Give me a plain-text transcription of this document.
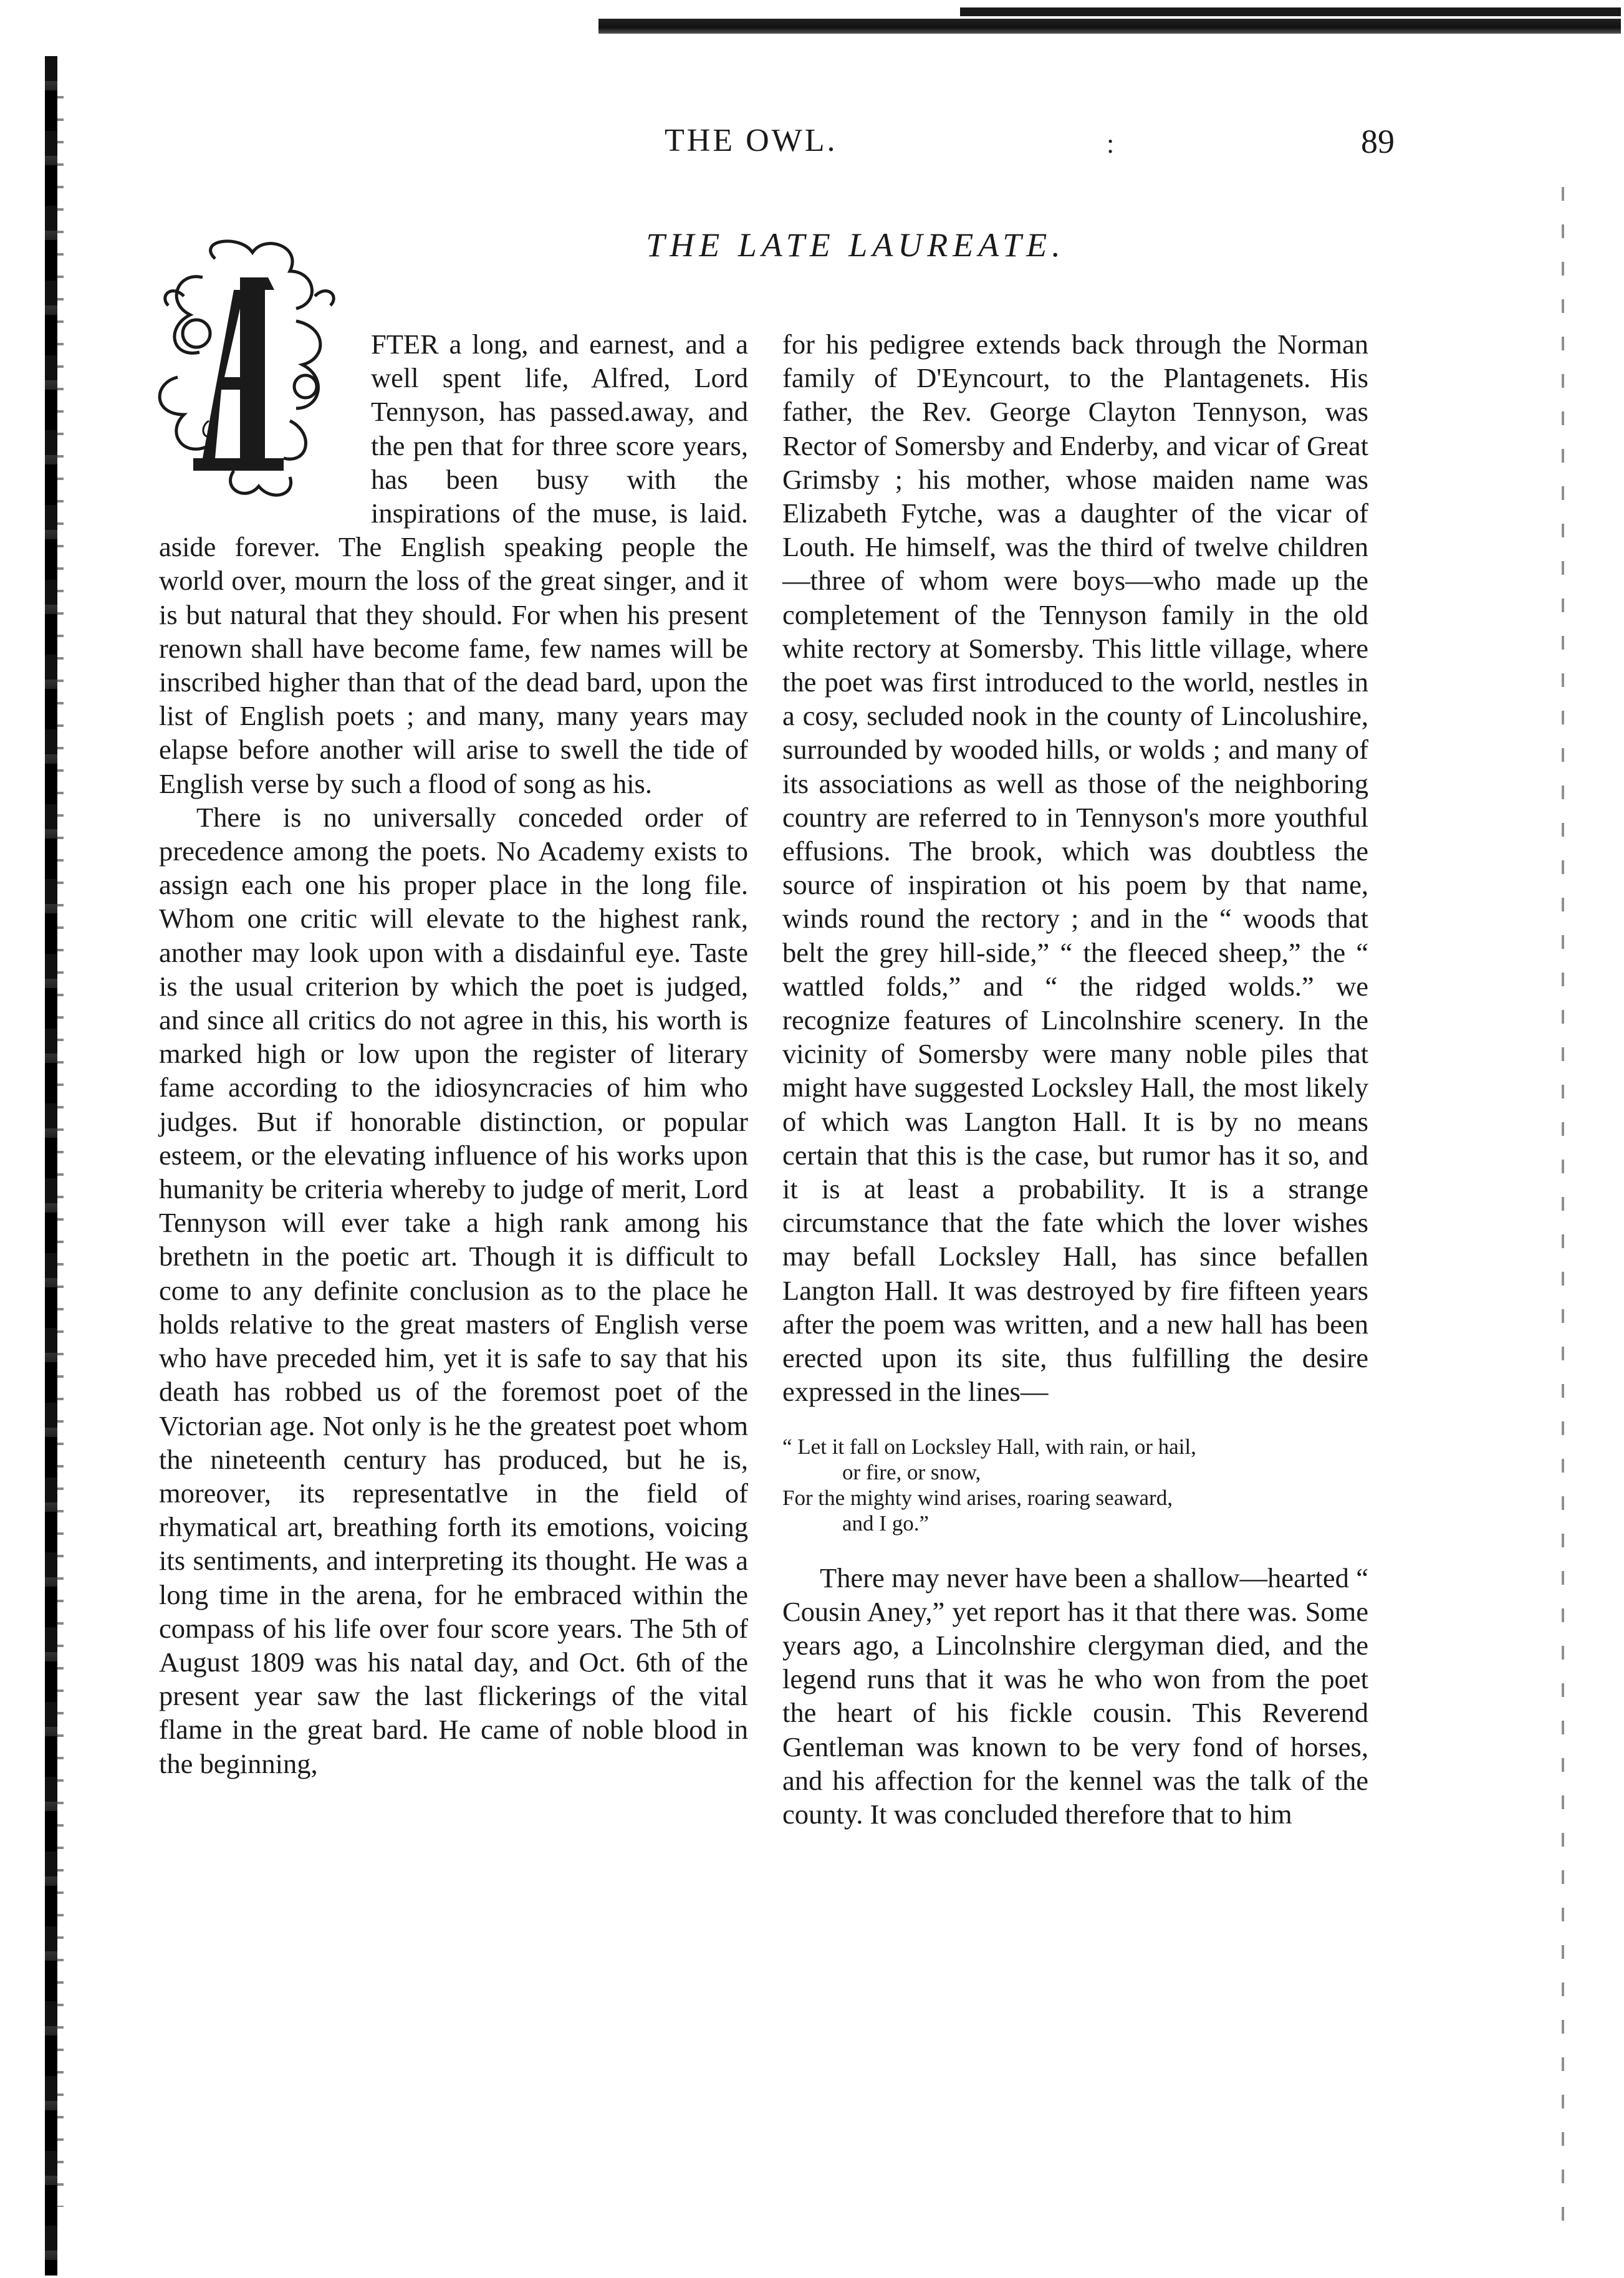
THE OWL.	:	89
THE LATE LAUREATE.

FTER a long, and earnest, and a well spent life, Alfred, Lord Tennyson, has passed.away, and the pen that for three score years, has been busy with the inspirations of the muse, is laid. aside forever. The English speaking people the world over, mourn the loss of the great singer, and it is but natural that they should. For when his present renown shall have become fame, few names will be inscribed higher than that of the dead bard, upon the list of English poets ; and many, many years may elapse before another will arise to swell the tide of English verse by such a flood of song as his.

There is no universally conceded order of precedence among the poets. No Academy exists to assign each one his proper place in the long file. Whom one critic will elevate to the highest rank, another may look upon with a disdainful eye. Taste is the usual criterion by which the poet is judged, and since all critics do not agree in this, his worth is marked high or low upon the register of literary fame according to the idiosyncracies of him who judges. But if honorable distinction, or popular esteem, or the elevating influence of his works upon humanity be criteria whereby to judge of merit, Lord Tennyson will ever take a high rank among his brethetn in the poetic art. Though it is difficult to come to any definite conclusion as to the place he holds relative to the great masters of English verse who have preceded him, yet it is safe to say that his death has robbed us of the foremost poet of the Victorian age. Not only is he the greatest poet whom the nineteenth century has produced, but he is, moreover, its representatlve in the field of rhymatical art, breathing forth its emotions, voicing its sentiments, and interpreting its thought. He was a long time in the arena, for he embraced within the compass of his life over four score years. The 5th of August 1809 was his natal day, and Oct. 6th of the present year saw the last flickerings of the vital flame in the great bard. He came of noble blood in the beginning,

for his pedigree extends back through the Norman family of D'Eyncourt, to the Plantagenets. His father, the Rev. George Clayton Tennyson, was Rector of Somersby and Enderby, and vicar of Great Grimsby ; his mother, whose maiden name was Elizabeth Fytche, was a daughter of the vicar of Louth. He himself, was the third of twelve children—three of whom were boys—who made up the completement of the Tennyson family in the old white rectory at Somersby. This little village, where the poet was first introduced to the world, nestles in a cosy, secluded nook in the county of Lincolushire, surrounded by wooded hills, or wolds ; and many of its associations as well as those of the neighboring country are referred to in Tennyson's more youthful effusions. The brook, which was doubtless the source of inspiration ot his poem by that name, winds round the rectory ; and in the “ woods that belt the grey hill-side,” “ the fleeced sheep,” the “ wattled folds,” and “ the ridged wolds.” we recognize features of Lincolnshire scenery. In the vicinity of Somersby were many noble piles that might have suggested Locksley Hall, the most likely of which was Langton Hall. It is by no means certain that this is the case, but rumor has it so, and it is at least a probability. It is a strange circumstance that the fate which the lover wishes may befall Locksley Hall, has since befallen Langton Hall. It was destroyed by fire fifteen years after the poem was written, and a new hall has been erected upon its site, thus fulfilling the desire expressed in the lines—

“ Let it fall on Locksley Hall, with rain, or hail,
or fire, or snow,
For the mighty wind arises, roaring seaward,
and I go.”

There may never have been a shallow—hearted “ Cousin Aney,” yet report has it that there was. Some years ago, a Lincolnshire clergyman died, and the legend runs that it was he who won from the poet the heart of his fickle cousin. This Reverend Gentleman was known to be very fond of horses, and his affection for the kennel was the talk of the county. It was concluded therefore that to him
